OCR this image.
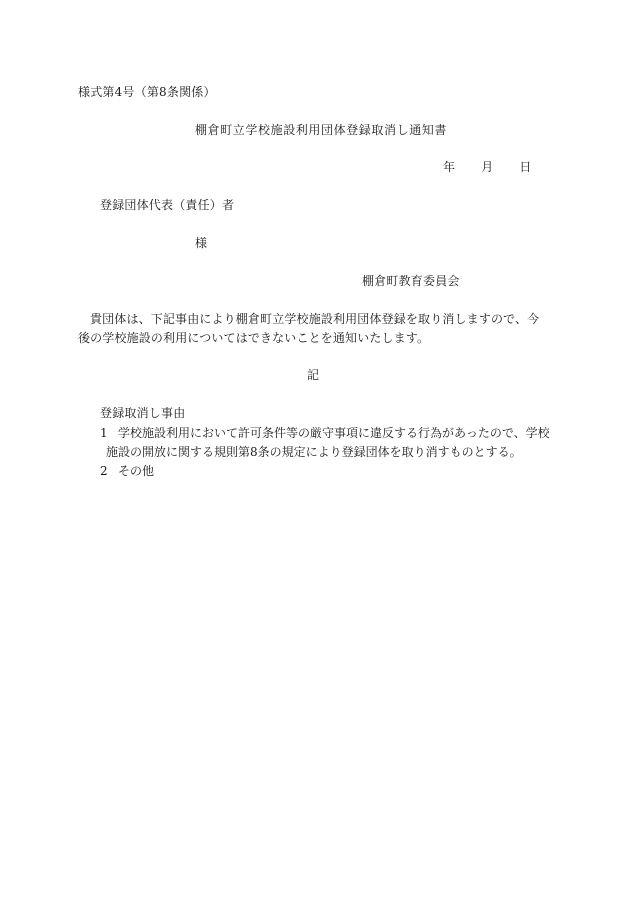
様式第4号（第8条関係）
棚倉町立学校施設利用団体登録取消し通知書
年 月 日
登録団体代表（責任）者
様
棚倉町教育委員会
貴団体は、下記事由により棚倉町立学校施設利用団体登録を取り消しますので、今後の学校施設の利用についてはできないことを通知いたします。
記
登録取消し事由
1 学校施設利用において許可条件等の厳守事項に違反する行為があったので、学校
施設の開放に関する規則第8条の規定により登録団体を取り消すものとする。
2 その他
